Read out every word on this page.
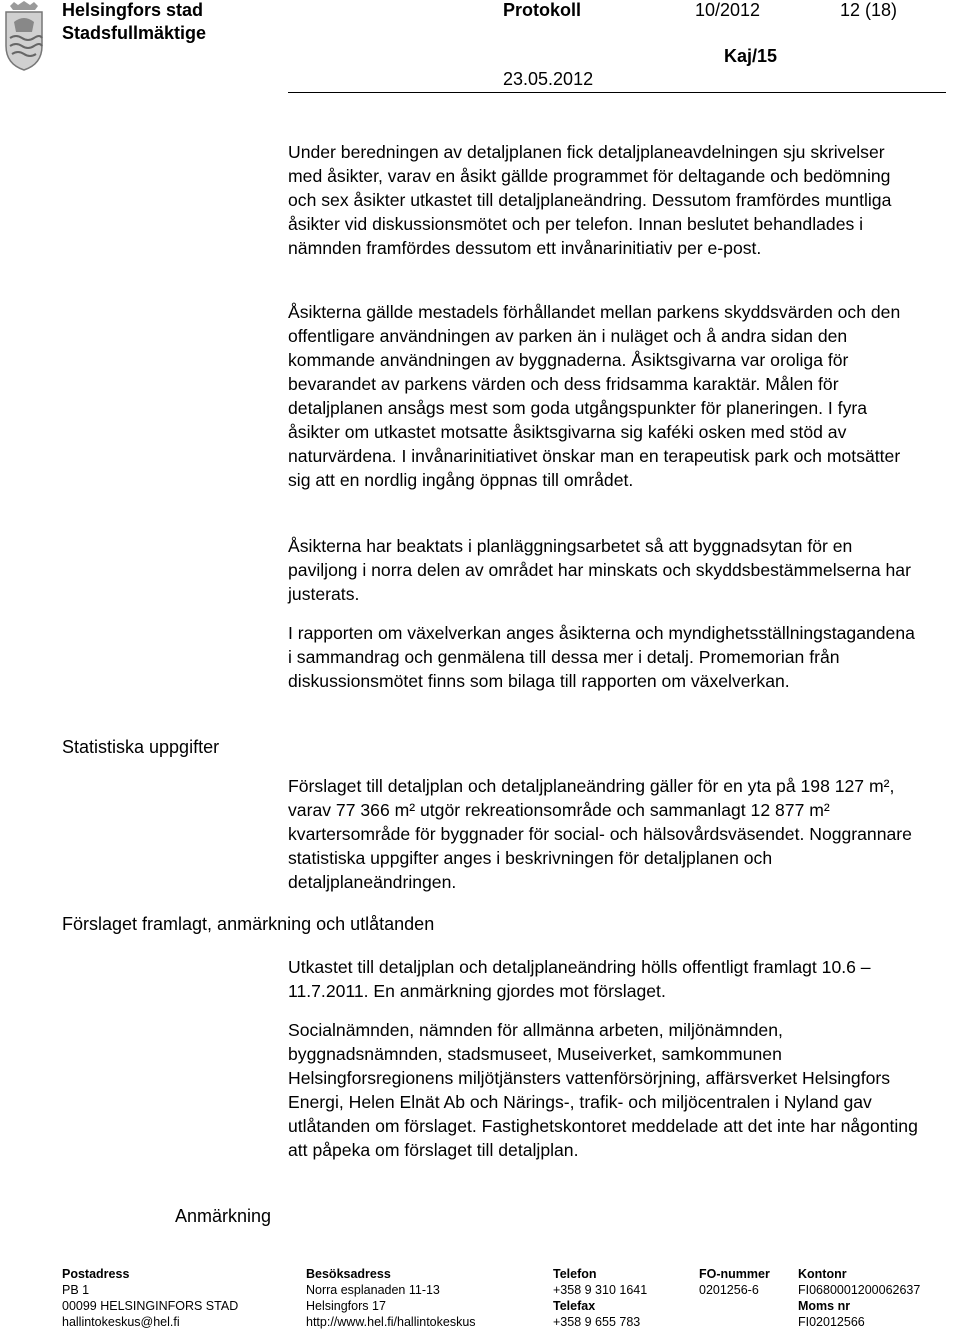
Helsingfors stad
Stadsfullmäktige
Protokoll	10/2012	12 (18)
Kaj/15
23.05.2012
Statistiska uppgifter
Förslaget framlagt, anmärkning och utlåtanden
Anmärkning

Under beredningen av detaljplanen fick detaljplaneavdelningen sju skrivelser med åsikter, varav en åsikt gällde programmet för deltagande och bedömning och sex åsikter utkastet till detaljplaneändring. Dessutom framfördes muntliga åsikter vid diskussionsmötet och per telefon. Innan beslutet behandlades i nämnden framfördes dessutom ett invånarinitiativ per e-post.

Åsikterna gällde mestadels förhållandet mellan parkens skyddsvärden och den offentligare användningen av parken än i nuläget och å andra sidan den kommande användningen av byggnaderna. Åsiktsgivarna var oroliga för bevarandet av parkens värden och dess fridsamma karaktär. Målen för detaljplanen ansågs mest som goda utgångspunkter för planeringen. I fyra åsikter om utkastet motsatte åsiktsgivarna sig kaféki osken med stöd av naturvärdena. I invånarinitiativet önskar man en terapeutisk park och motsätter sig att en nordlig ingång öppnas till området.

Åsikterna har beaktats i planläggningsarbetet så att byggnadsytan för en paviljong i norra delen av området har minskats och skyddsbestämmelserna har justerats.

I rapporten om växelverkan anges åsikterna och myndighetsställningstagandena i sammandrag och genmälena till dessa mer i detalj. Promemorian från diskussionsmötet finns som bilaga till rapporten om växelverkan.

Förslaget till detaljplan och detaljplaneändring gäller för en yta på 198 127 m², varav 77 366 m² utgör rekreationsområde och sammanlagt 12 877 m² kvartersområde för byggnader för social- och hälsovårdsväsendet. Noggrannare statistiska uppgifter anges i beskrivningen för detaljplanen och detaljplaneändringen.

Utkastet till detaljplan och detaljplaneändring hölls offentligt framlagt 10.6 – 11.7.2011. En anmärkning gjordes mot förslaget.

Socialnämnden, nämnden för allmänna arbeten, miljönämnden, byggnadsnämnden, stadsmuseet, Museiverket, samkommunen Helsingforsregionens miljötjänsters vattenförsörjning, affärsverket Helsingfors Energi, Helen Elnät Ab och Närings-, trafik- och miljöcentralen i Nyland gav utlåtanden om förslaget. Fastighetskontoret meddelade att det inte har någonting att påpeka om förslaget till detaljplan.

Postadress
PB 1
00099 HELSINGINFORS STAD
hallintokeskus@hel.fi
Besöksadress
Norra esplanaden 11-13
Helsingfors 17
http://www.hel.fi/hallintokeskus
Telefon
+358 9 310 1641
Telefax
+358 9 655 783
FO-nummer
0201256-6
Kontonr
FI0680001200062637
Moms nr
FI02012566
